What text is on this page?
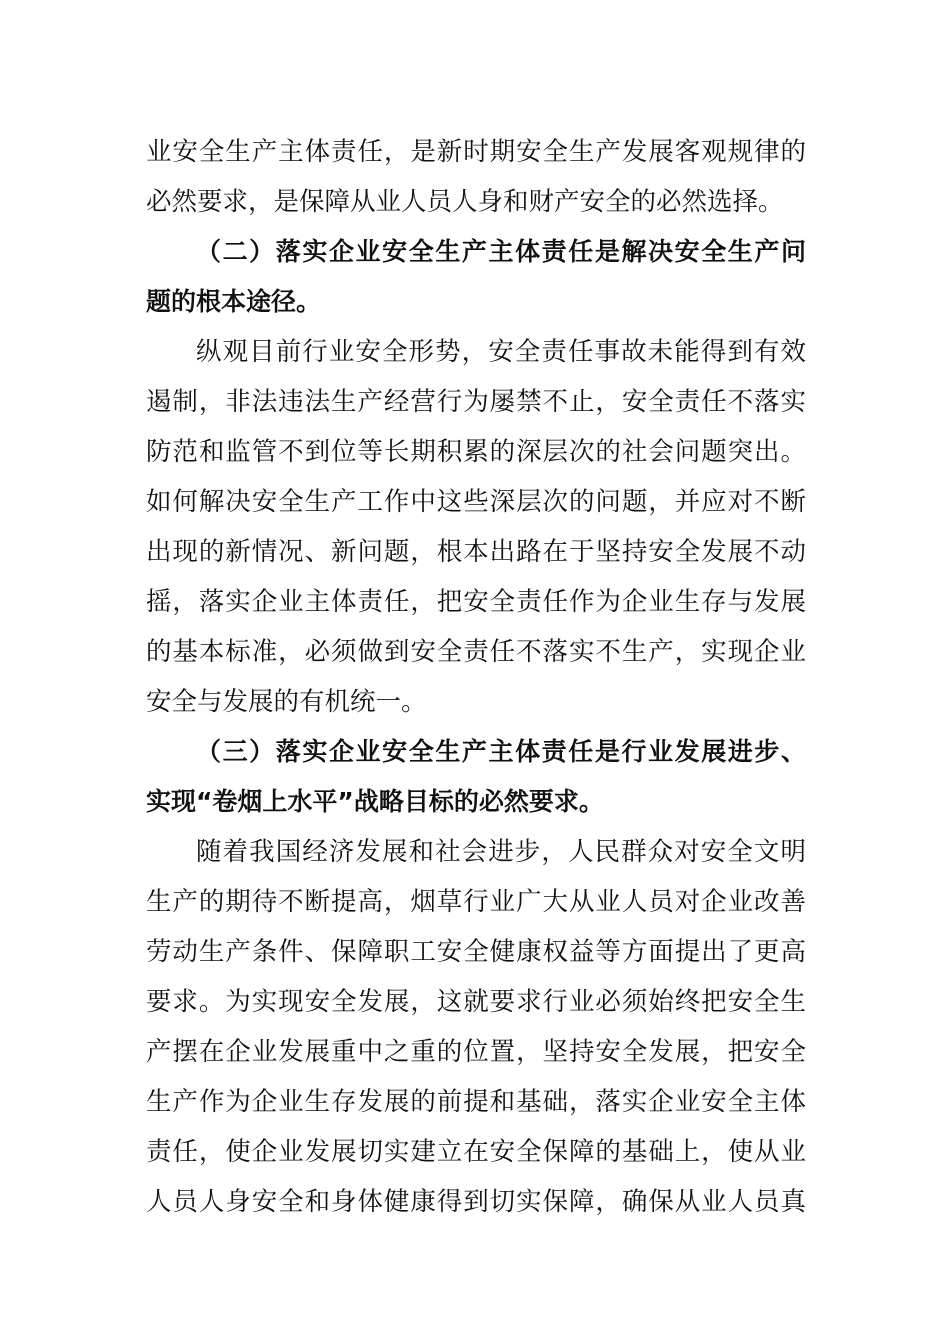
业安全生产主体责任，是新时期安全生产发展客观规律的
必然要求，是保障从业人员人身和财产安全的必然选择。
（二）落实企业安全生产主体责任是解决安全生产问
题的根本途径。
纵观目前行业安全形势，安全责任事故未能得到有效
遏制，非法违法生产经营行为屡禁不止，安全责任不落实
防范和监管不到位等长期积累的深层次的社会问题突出。
如何解决安全生产工作中这些深层次的问题，并应对不断
出现的新情况、新问题，根本出路在于坚持安全发展不动
摇，落实企业主体责任，把安全责任作为企业生存与发展
的基本标准，必须做到安全责任不落实不生产，实现企业
安全与发展的有机统一。
（三）落实企业安全生产主体责任是行业发展进步、
实现“卷烟上水平”战略目标的必然要求。
随着我国经济发展和社会进步，人民群众对安全文明
生产的期待不断提高，烟草行业广大从业人员对企业改善
劳动生产条件、保障职工安全健康权益等方面提出了更高
要求。为实现安全发展，这就要求行业必须始终把安全生
产摆在企业发展重中之重的位置，坚持安全发展，把安全
生产作为企业生存发展的前提和基础，落实企业安全主体
责任，使企业发展切实建立在安全保障的基础上，使从业
人员人身安全和身体健康得到切实保障，确保从业人员真
